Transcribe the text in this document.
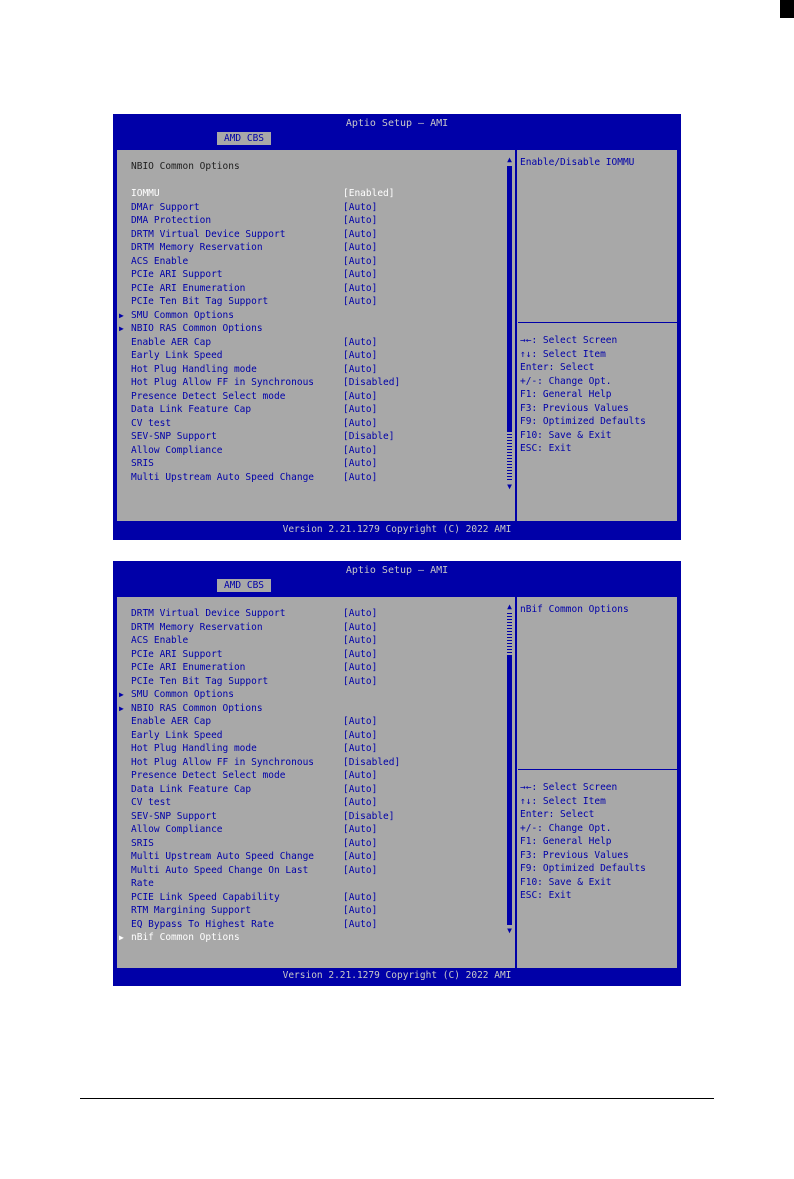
Aptio Setup – AMI
AMD CBS
NBIO Common Options
IOMMU	[Enabled]
DMAr Support	[Auto]
DMA Protection	[Auto]
DRTM Virtual Device Support	[Auto]
DRTM Memory Reservation	[Auto]
ACS Enable	[Auto]
PCIe ARI Support	[Auto]
PCIe ARI Enumeration	[Auto]
PCIe Ten Bit Tag Support	[Auto]
▶ SMU Common Options
▶ NBIO RAS Common Options
Enable AER Cap	[Auto]
Early Link Speed	[Auto]
Hot Plug Handling mode	[Auto]
Hot Plug Allow FF in Synchronous	[Disabled]
Presence Detect Select mode	[Auto]
Data Link Feature Cap	[Auto]
CV test	[Auto]
SEV-SNP Support	[Disable]
Allow Compliance	[Auto]
SRIS	[Auto]
Multi Upstream Auto Speed Change	[Auto]
▲
▼
Enable/Disable IOMMU
→←: Select Screen
↑↓: Select Item
Enter: Select
+/-: Change Opt.
F1: General Help
F3: Previous Values
F9: Optimized Defaults
F10: Save & Exit
ESC: Exit
Version 2.21.1279 Copyright (C) 2022 AMI
Aptio Setup – AMI
AMD CBS
DRTM Virtual Device Support	[Auto]
DRTM Memory Reservation	[Auto]
ACS Enable	[Auto]
PCIe ARI Support	[Auto]
PCIe ARI Enumeration	[Auto]
PCIe Ten Bit Tag Support	[Auto]
▶ SMU Common Options
▶ NBIO RAS Common Options
Enable AER Cap	[Auto]
Early Link Speed	[Auto]
Hot Plug Handling mode	[Auto]
Hot Plug Allow FF in Synchronous	[Disabled]
Presence Detect Select mode	[Auto]
Data Link Feature Cap	[Auto]
CV test	[Auto]
SEV-SNP Support	[Disable]
Allow Compliance	[Auto]
SRIS	[Auto]
Multi Upstream Auto Speed Change	[Auto]
Multi Auto Speed Change On Last	[Auto]
Rate
PCIE Link Speed Capability	[Auto]
RTM Margining Support	[Auto]
EQ Bypass To Highest Rate	[Auto]
▶ nBif Common Options
▲
▼
nBif Common Options
→←: Select Screen
↑↓: Select Item
Enter: Select
+/-: Change Opt.
F1: General Help
F3: Previous Values
F9: Optimized Defaults
F10: Save & Exit
ESC: Exit
Version 2.21.1279 Copyright (C) 2022 AMI
